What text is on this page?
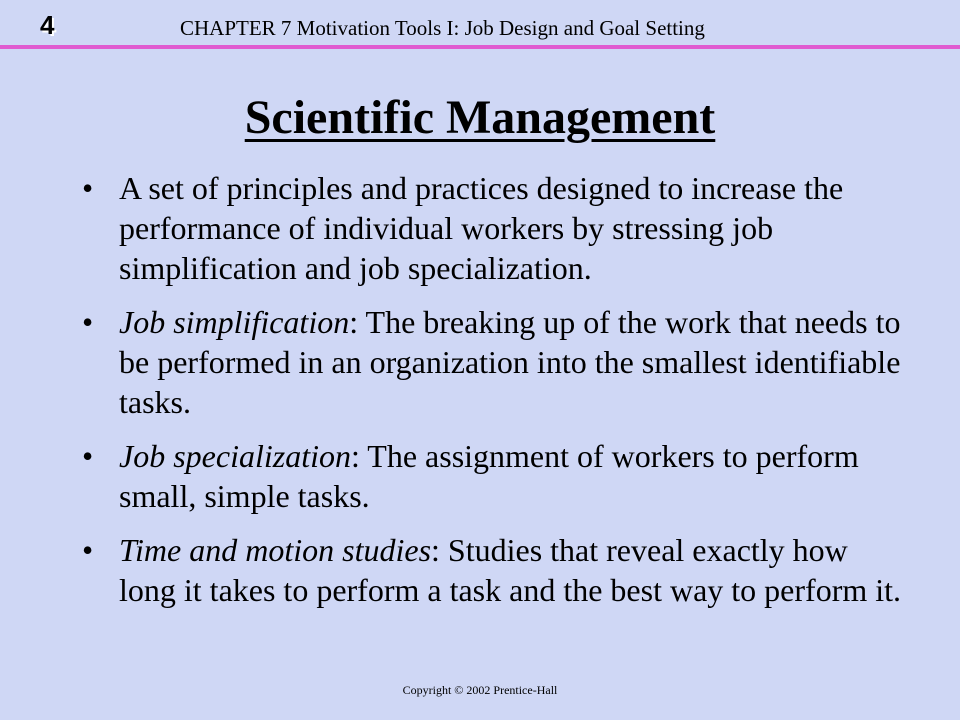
4	CHAPTER 7 Motivation Tools I: Job Design and Goal Setting
Scientific Management
• A set of principles and practices designed to increase the performance of individual workers by stressing job simplification and job specialization.
• Job simplification: The breaking up of the work that needs to be performed in an organization into the smallest identifiable tasks.
• Job specialization: The assignment of workers to perform small, simple tasks.
• Time and motion studies: Studies that reveal exactly how long it takes to perform a task and the best way to perform it.
Copyright © 2002 Prentice-Hall
